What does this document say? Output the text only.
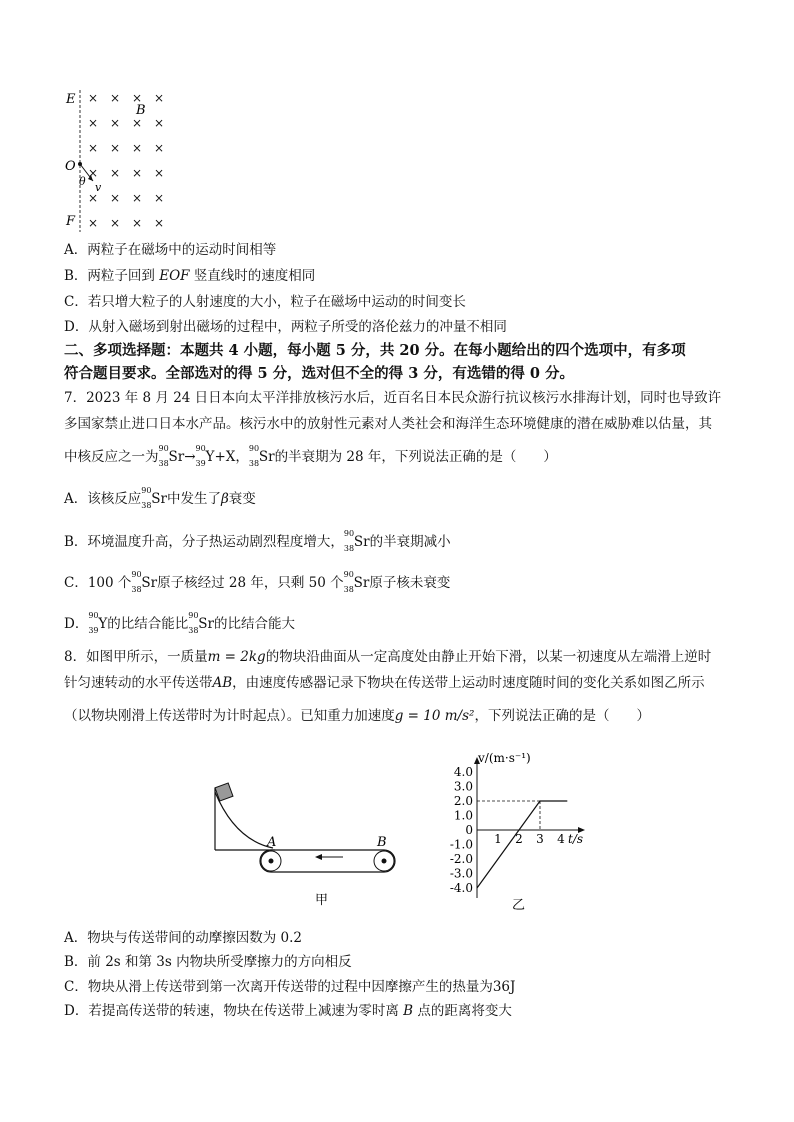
E
B
O
θ v
F
× × × ×
× × × ×
× × × ×
× × × ×
× × × ×
× × × ×
A．两粒子在磁场中的运动时间相等
B．两粒子回到 EOF 竖直线时的速度相同
C．若只增大粒子的人射速度的大小，粒子在磁场中运动的时间变长
D．从射入磁场到射出磁场的过程中，两粒子所受的洛伦兹力的冲量不相同
二、多项选择题：本题共 4 小题，每小题 5 分，共 20 分。在每小题给出的四个选项中，有多项
符合题目要求。全部选对的得 5 分，选对但不全的得 3 分，有选错的得 0 分。
7．2023 年 8 月 24 日日本向太平洋排放核污水后，近百名日本民众游行抗议核污水排海计划，同时也导致许
多国家禁止进口日本水产品。核污水中的放射性元素对人类社会和海洋生态环境健康的潜在威胁难以估量，其
中核反应之一为
90
38 Sr→
90
39 Y+X，
90
38 Sr的半衰期为 28 年，下列说法正确的是（　　）
A．该核反应
90
38 Sr中发生了β衰变
B．环境温度升高，分子热运动剧烈程度增大，
90
38 Sr的半衰期减小
C．100 个
90
38 Sr原子核经过 28 年，只剩 50 个
90
38 Sr原子核未衰变
D．
90
39 Y的比结合能比
90
38 Sr的比结合能大
8．如图甲所示，一质量m = 2kg的物块沿曲面从一定高度处由静止开始下滑，以某一初速度从左端滑上逆时
针匀速转动的水平传送带AB，由速度传感器记录下物块在传送带上运动时速度随时间的变化关系如图乙所示
（以物块刚滑上传送带时为计时起点）。已知重力加速度g = 10 m/s²，下列说法正确的是（　　）
A	B
甲
v/(m·s⁻¹)
t/s
4.0
3.0
2.0
1.0
0
-1.0
-2.0
-3.0
-4.0
1 2 3 4
乙
A．物块与传送带间的动摩擦因数为 0.2
B．前 2s 和第 3s 内物块所受摩擦力的方向相反
C．物块从滑上传送带到第一次离开传送带的过程中因摩擦产生的热量为36J
D．若提高传送带的转速，物块在传送带上减速为零时离 B 点的距离将变大
